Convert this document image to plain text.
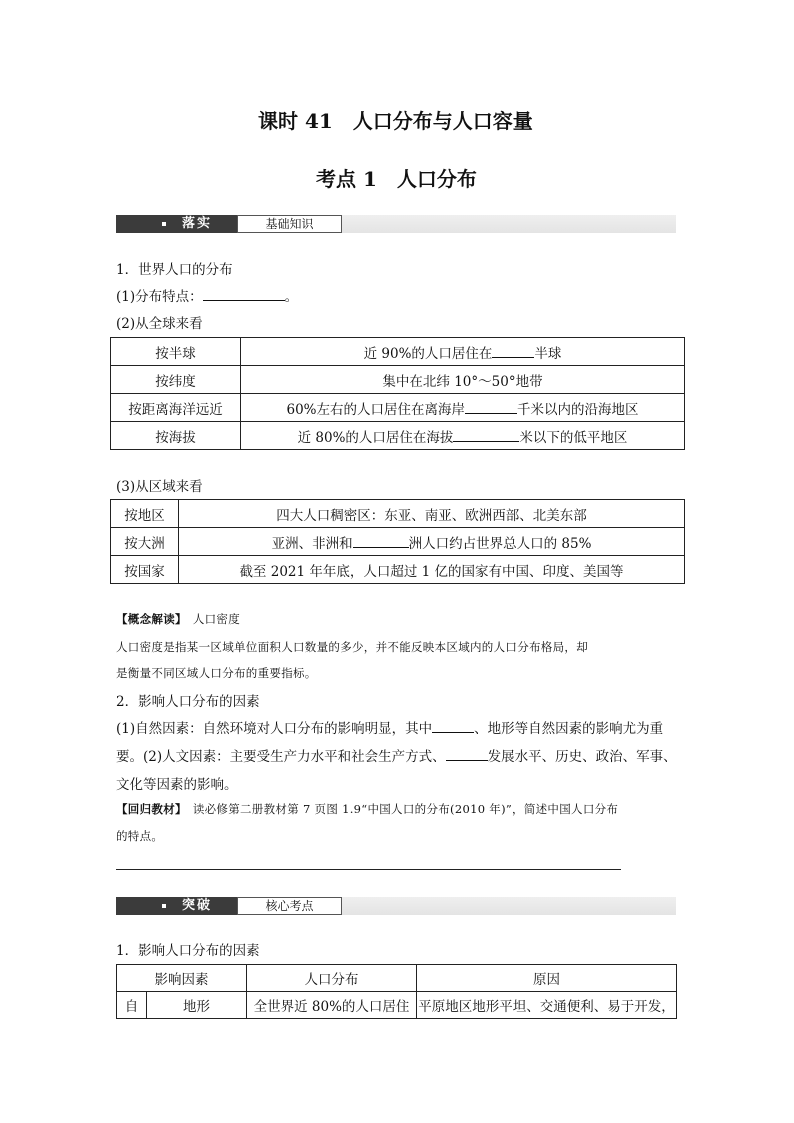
课时 41　人口分布与人口容量
考点 1　人口分布
落实	基础知识
1．世界人口的分布
(1)分布特点：	。
(2)从全球来看
按半球	近 90%的人口居住在 半球
按纬度	集中在北纬 10°～50°地带
按距离海洋远近	60%左右的人口居住在离海岸 千米以内的沿海地区
按海拔	近 80%的人口居住在海拔 米以下的低平地区
(3)从区域来看
按地区	四大人口稠密区：东亚、南亚、欧洲西部、北美东部
按大洲	亚洲、非洲和 洲人口约占世界总人口的 85%
按国家	截至 2021 年年底，人口超过 1 亿的国家有中国、印度、美国等
【概念解读】 人口密度
人口密度是指某一区域单位面积人口数量的多少，并不能反映本区域内的人口分布格局，却
是衡量不同区域人口分布的重要指标。
2．影响人口分布的因素
(1)自然因素：自然环境对人口分布的影响明显，其中	、地形等自然因素的影响尤为重
要。(2)人文因素：主要受生产力水平和社会生产方式、	发展水平、历史、政治、军事、
文化等因素的影响。
【回归教材】 读必修第二册教材第 7 页图 1.9“中国人口的分布(2010 年)”，简述中国人口分布
的特点。
突破	核心考点
1．影响人口分布的因素
影响因素		人口分布	原因
自	地形	全世界近 80%的人口居住	平原地区地形平坦、交通便利、易于开发，
